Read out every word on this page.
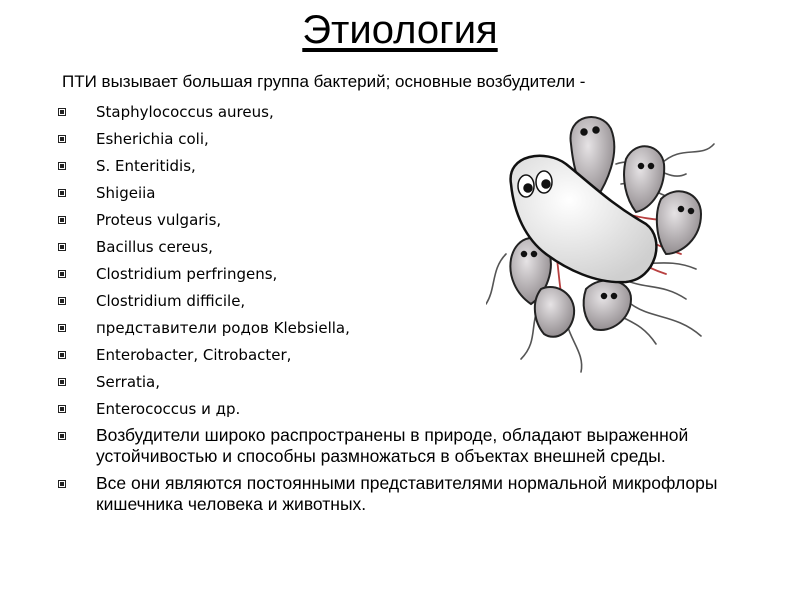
Этиология
ПТИ вызывает большая группа бактерий; основные возбудители -
Staphylococcus aureus,
Esherichia coli,
S. Enteritidis,
Shigeiia
Proteus vulgaris,
Bacillus cereus,
Clostridium perfringens,
Clostridium difficile,
представители родов Klebsiella,
Enterobacter, Citrobacter,
Serratia,
Enterococcus и др.
Возбудители широко распространены в природе, обладают выраженной устойчивостью и способны размножаться в объектах внешней среды.
Все они являются постоянными представителями нормальной микрофлоры кишечника человека и животных.
